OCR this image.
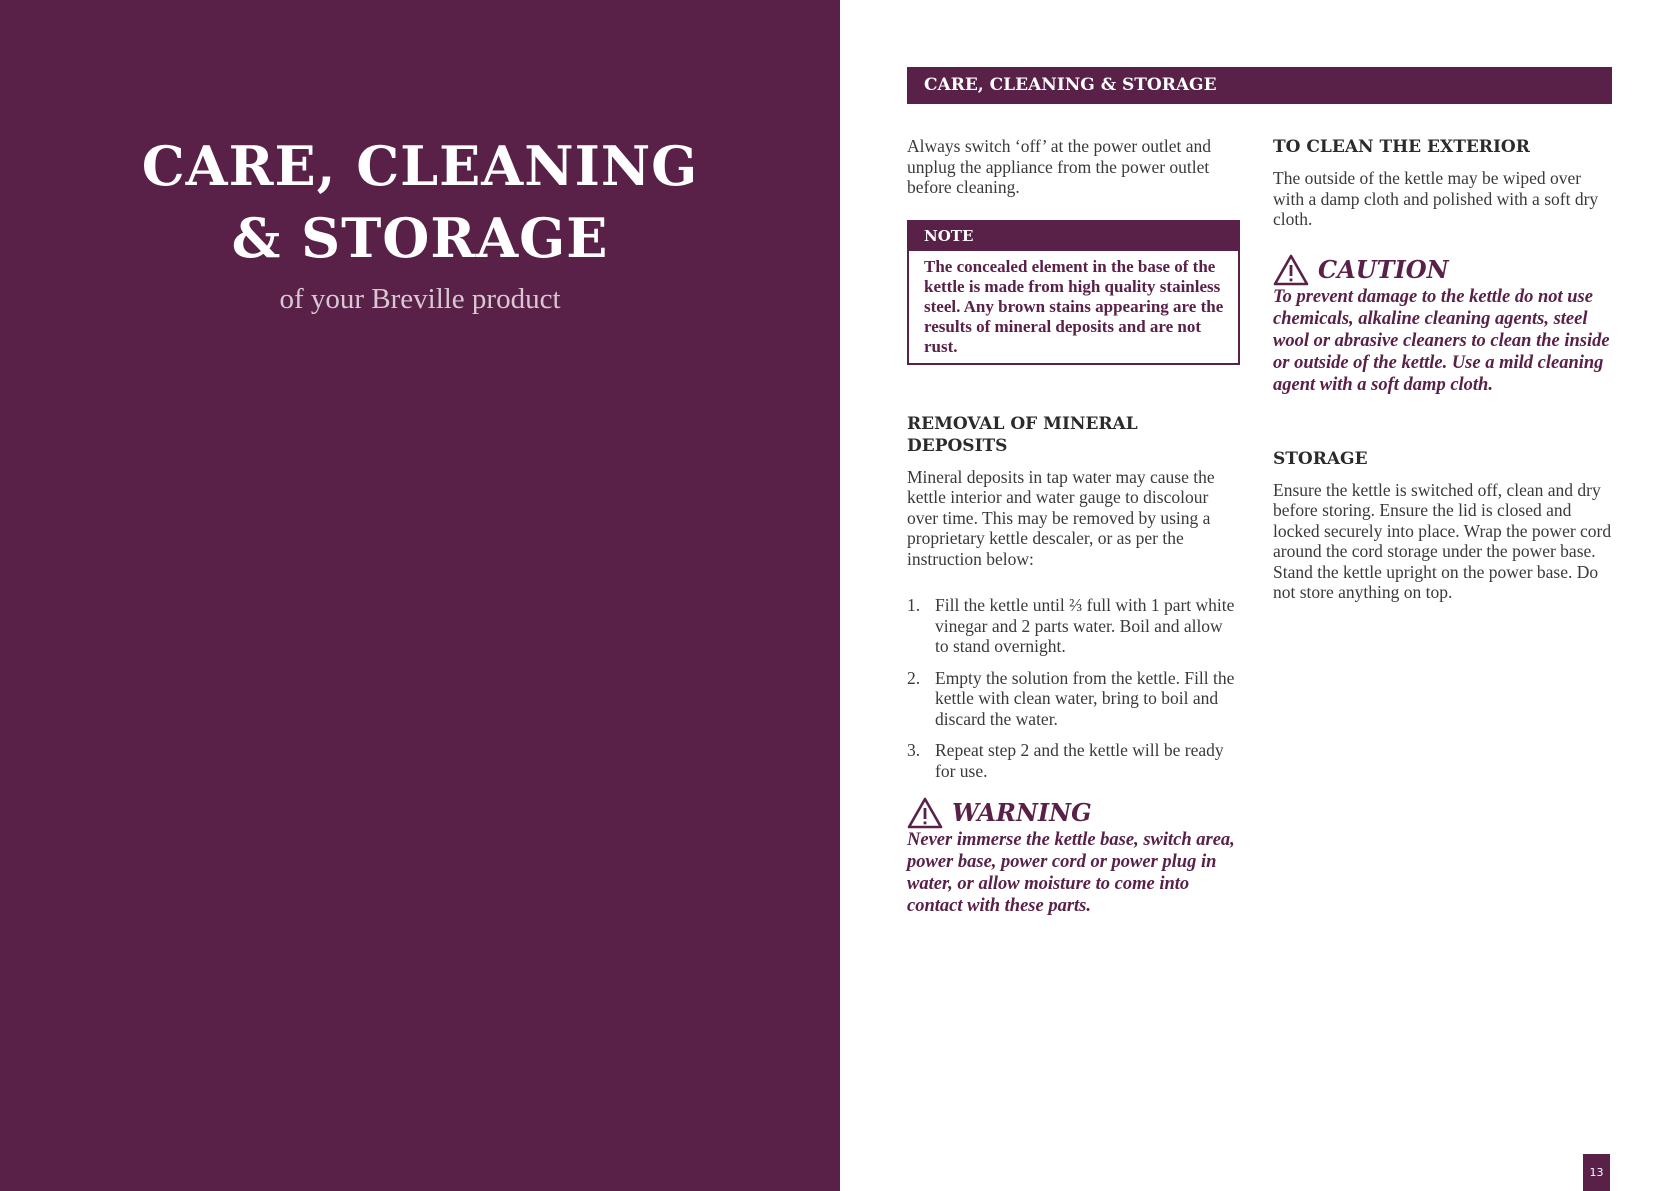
CARE, CLEANING
& STORAGE
of your Breville product
CARE, CLEANING & STORAGE

Always switch ‘off’ at the power outlet and unplug the appliance from the power outlet before cleaning.

NOTE
The concealed element in the base of the kettle is made from high quality stainless steel. Any brown stains appearing are the results of mineral deposits and are not rust.
REMOVAL OF MINERAL DEPOSITS

Mineral deposits in tap water may cause the kettle interior and water gauge to discolour over time. This may be removed by using a proprietary kettle descaler, or as per the instruction below:

1. Fill the kettle until ⅔ full with 1 part white vinegar and 2 parts water. Boil and allow to stand overnight.
2. Empty the solution from the kettle. Fill the kettle with clean water, bring to boil and discard the water.
3. Repeat step 2 and the kettle will be ready for use.
WARNING

Never immerse the kettle base, switch area, power base, power cord or power plug in water, or allow moisture to come into contact with these parts.

TO CLEAN THE EXTERIOR

The outside of the kettle may be wiped over with a damp cloth and polished with a soft dry cloth.

CAUTION

To prevent damage to the kettle do not use chemicals, alkaline cleaning agents, steel wool or abrasive cleaners to clean the inside or outside of the kettle. Use a mild cleaning agent with a soft damp cloth.

STORAGE

Ensure the kettle is switched off, clean and dry before storing. Ensure the lid is closed and locked securely into place. Wrap the power cord around the cord storage under the power base. Stand the kettle upright on the power base. Do not store anything on top.

13
